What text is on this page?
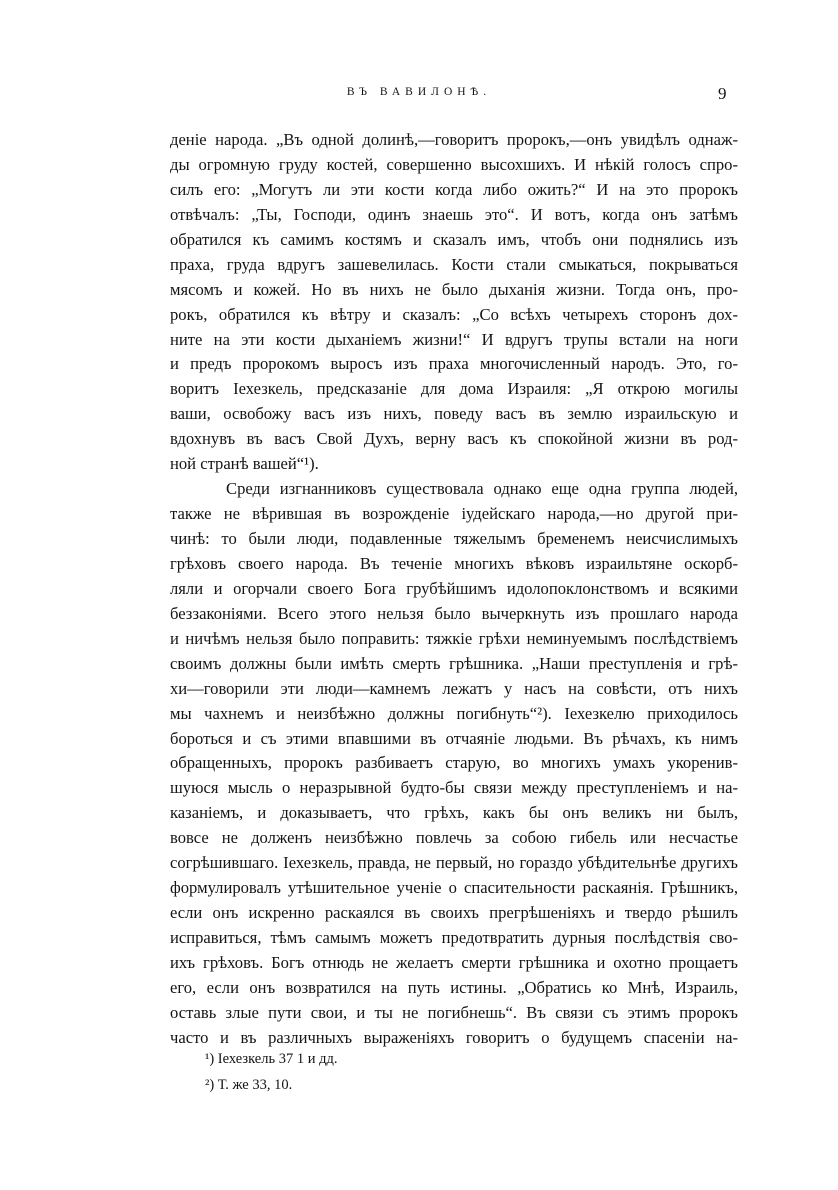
ВЪ ВАВИЛОНѢ.	9
деніе народа. „Въ одной долинѣ,—говоритъ пророкъ,—онъ увидѣлъ однаж-
ды огромную груду костей, совершенно высохшихъ. И нѣкій голосъ спро-
силъ его: „Могутъ ли эти кости когда либо ожить?“ И на это пророкъ
отвѣчалъ: „Ты, Господи, одинъ знаешь это“. И вотъ, когда онъ затѣмъ
обратился къ самимъ костямъ и сказалъ имъ, чтобъ они поднялись изъ
праха, груда вдругъ зашевелилась. Кости стали смыкаться, покрываться
мясомъ и кожей. Но въ нихъ не было дыханія жизни. Тогда онъ, про-
рокъ, обратился къ вѣтру и сказалъ: „Со всѣхъ четырехъ сторонъ дох-
ните на эти кости дыханіемъ жизни!“ И вдругъ трупы встали на ноги
и предъ пророкомъ выросъ изъ праха многочисленный народъ. Это, го-
воритъ Іехезкель, предсказаніе для дома Израиля: „Я открою могилы
ваши, освобожу васъ изъ нихъ, поведу васъ въ землю израильскую и
вдохнувъ въ васъ Свой Духъ, верну васъ къ спокойной жизни въ род-
ной странѣ вашей“¹).
Среди изгнанниковъ существовала однако еще одна группа людей,
также не вѣрившая въ возрожденіе іудейскаго народа,—но другой при-
чинѣ: то были люди, подавленные тяжелымъ бременемъ неисчислимыхъ
грѣховъ своего народа. Въ теченіе многихъ вѣковъ израильтяне оскорб-
ляли и огорчали своего Бога грубѣйшимъ идолопоклонствомъ и всякими
беззаконіями. Всего этого нельзя было вычеркнуть изъ прошлаго народа
и ничѣмъ нельзя было поправить: тяжкіе грѣхи неминуемымъ послѣдствіемъ
своимъ должны были имѣть смерть грѣшника. „Наши преступленія и грѣ-
хи—говорили эти люди—камнемъ лежатъ у насъ на совѣсти, отъ нихъ
мы чахнемъ и неизбѣжно должны погибнуть“²). Іехезкелю приходилось
бороться и съ этими впавшими въ отчаяніе людьми. Въ рѣчахъ, къ нимъ
обращенныхъ, пророкъ разбиваетъ старую, во многихъ умахъ укоренив-
шуюся мысль о неразрывной будто-бы связи между преступленіемъ и на-
казаніемъ, и доказываетъ, что грѣхъ, какъ бы онъ великъ ни былъ,
вовсе не долженъ неизбѣжно повлечь за собою гибель или несчастье
согрѣшившаго. Іехезкель, правда, не первый, но гораздо убѣдительнѣе другихъ
формулировалъ утѣшительное ученіе о спасительности раскаянія. Грѣшникъ,
если онъ искренно раскаялся въ своихъ прегрѣшеніяхъ и твердо рѣшилъ
исправиться, тѣмъ самымъ можетъ предотвратить дурныя послѣдствія сво-
ихъ грѣховъ. Богъ отнюдь не желаетъ смерти грѣшника и охотно прощаетъ
его, если онъ возвратился на путь истины. „Обратись ко Мнѣ, Израиль,
оставь злые пути свои, и ты не погибнешь“. Въ связи съ этимъ пророкъ
часто и въ различныхъ выраженіяхъ говоритъ о будущемъ спасеніи на-
¹) Іехезкель 37 1 и дд.
²) Т. же 33, 10.
